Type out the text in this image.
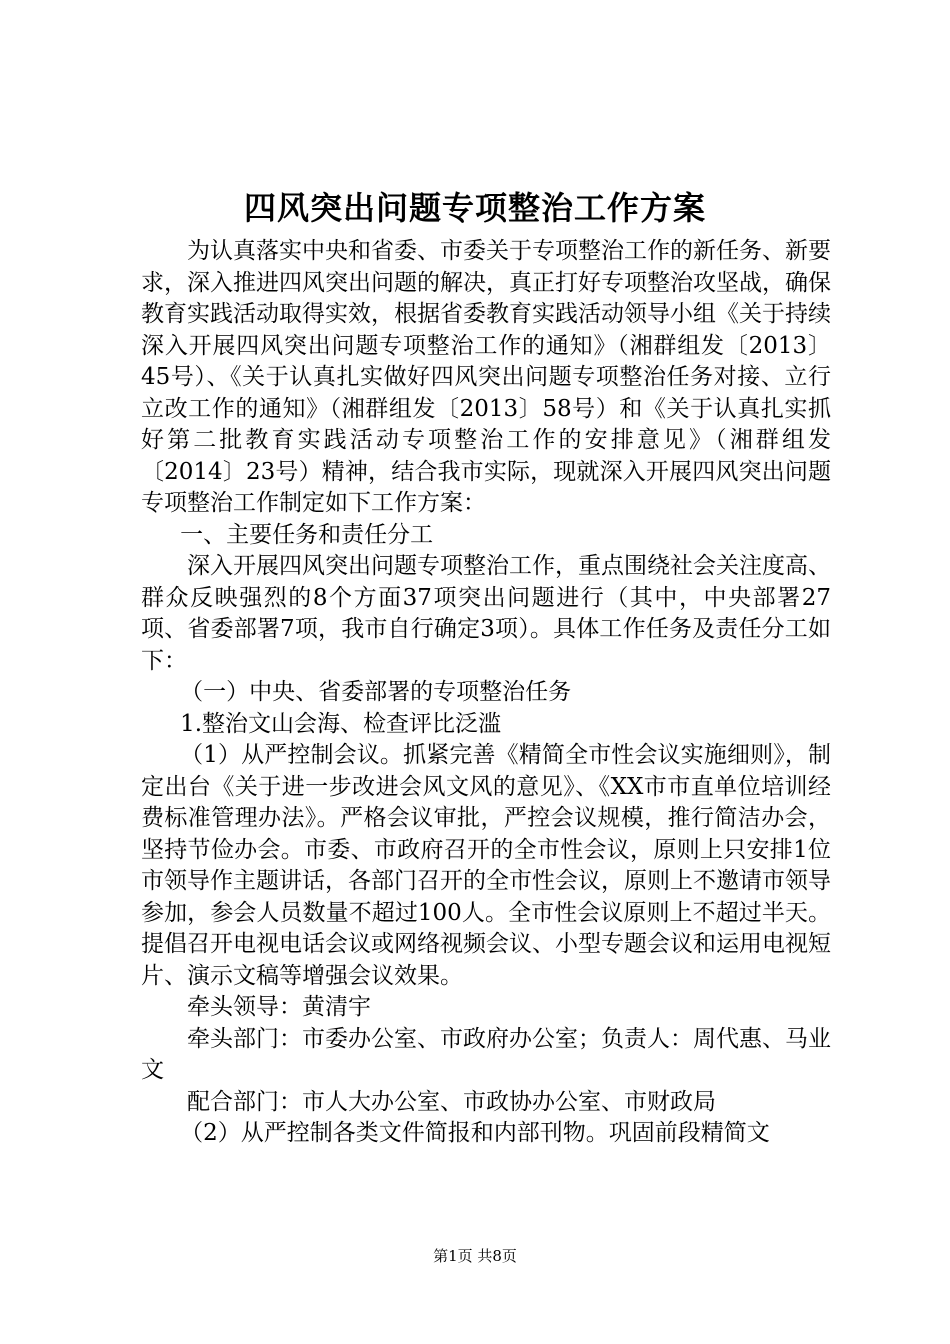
四风突出问题专项整治工作方案

为认真落实中央和省委、市委关于专项整治工作的新任务、新要求，深入推进四风突出问题的解决，真正打好专项整治攻坚战，确保教育实践活动取得实效，根据省委教育实践活动领导小组《关于持续深入开展四风突出问题专项整治工作的通知》（湘群组发〔2013〕45号）、《关于认真扎实做好四风突出问题专项整治任务对接、立行立改工作的通知》（湘群组发〔2013〕58号）和《关于认真扎实抓好第二批教育实践活动专项整治工作的安排意见》（湘群组发〔2014〕23号）精神，结合我市实际，现就深入开展四风突出问题专项整治工作制定如下工作方案：

一、主要任务和责任分工

深入开展四风突出问题专项整治工作，重点围绕社会关注度高、群众反映强烈的8个方面37项突出问题进行（其中，中央部署27项、省委部署7项，我市自行确定3项）。具体工作任务及责任分工如下：

（一）中央、省委部署的专项整治任务

1.整治文山会海、检查评比泛滥

（1）从严控制会议。抓紧完善《精简全市性会议实施细则》，制定出台《关于进一步改进会风文风的意见》、《XX市市直单位培训经费标准管理办法》。严格会议审批，严控会议规模，推行简洁办会，坚持节俭办会。市委、市政府召开的全市性会议，原则上只安排1位市领导作主题讲话，各部门召开的全市性会议，原则上不邀请市领导参加，参会人员数量不超过100人。全市性会议原则上不超过半天。提倡召开电视电话会议或网络视频会议、小型专题会议和运用电视短片、演示文稿等增强会议效果。

牵头领导：黄清宇

牵头部门：市委办公室、市政府办公室；负责人：周代惠、马业文

配合部门：市人大办公室、市政协办公室、市财政局

（2）从严控制各类文件简报和内部刊物。巩固前段精简文

第1页 共8页
